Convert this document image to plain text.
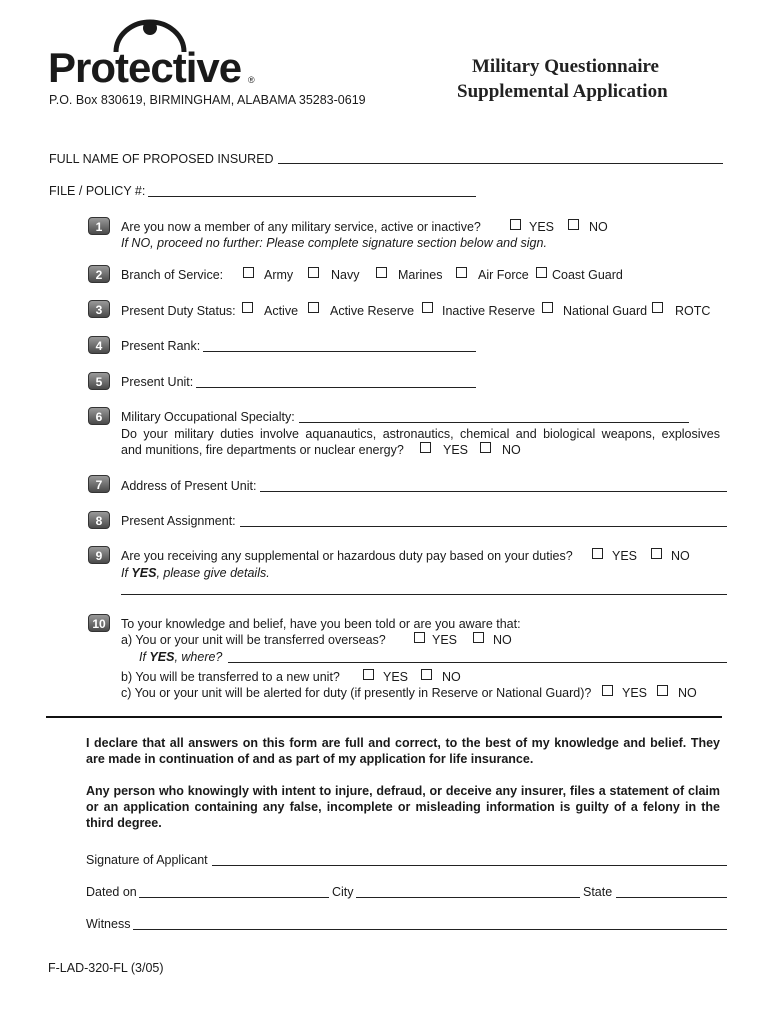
Protective ®
P.O. Box 830619, BIRMINGHAM, ALABAMA 35283-0619
Military Questionnaire
Supplemental Application
FULL NAME OF PROPOSED INSURED
FILE / POLICY #:
1	Are you now a member of any military service, active or inactive?	YES	NO
If NO, proceed no further: Please complete signature section below and sign.
2	Branch of Service:	Army	Navy	Marines	Air Force Coast Guard
3	Present Duty Status: Active	Active Reserve Inactive Reserve National Guard ROTC
4	Present Rank:
5	Present Unit:
6	Military Occupational Specialty:
Do your military duties involve aquanautics, astronautics, chemical and biological weapons, explosives
and munitions, fire departments or nuclear energy?	YES	NO
7	Address of Present Unit:
8	Present Assignment:
9	Are you receiving any supplemental or hazardous duty pay based on your duties?	YES	NO
If YES, please give details.
10	To your knowledge and belief, have you been told or are you aware that:
a) You or your unit will be transferred overseas?	YES	NO
If YES, where?
b) You will be transferred to a new unit?	YES	NO
c) You or your unit will be alerted for duty (if presently in Reserve or National Guard)? YES NO
I declare that all answers on this form are full and correct, to the best of my knowledge and belief. They are made in continuation of and as part of my application for life insurance.
Any person who knowingly with intent to injure, defraud, or deceive any insurer, files a statement of claim or an application containing any false, incomplete or misleading information is guilty of a felony in the third degree.
Signature of Applicant
Dated on	City	State
Witness
F-LAD-320-FL (3/05)
